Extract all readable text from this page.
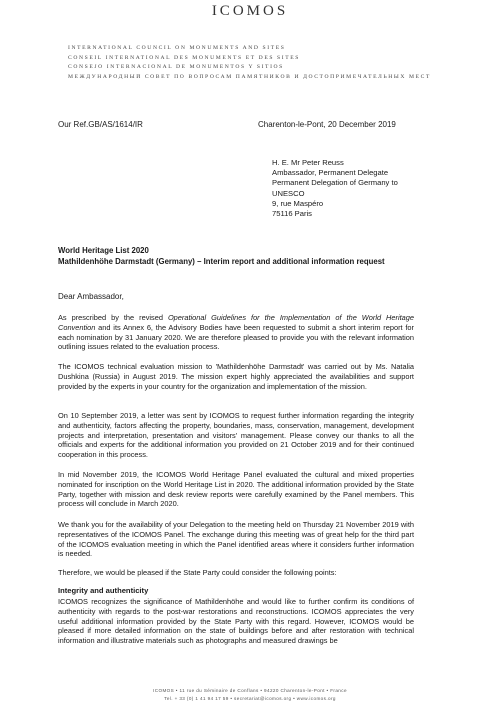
ICOMOS
INTERNATIONAL COUNCIL ON MONUMENTS AND SITES
CONSEIL INTERNATIONAL DES MONUMENTS ET DES SITES
CONSEJO INTERNACIONAL DE MONUMENTOS Y SITIOS
МЕЖДУНАРОДНЫЙ СОВЕТ ПО ВОПРОСАМ ПАМЯТНИКОВ И ДОСТОПРИМЕЧАТЕЛЬНЫХ МЕСТ
Our Ref.GB/AS/1614/IR	Charenton-le-Pont, 20 December 2019
H. E. Mr Peter Reuss
Ambassador, Permanent Delegate
Permanent Delegation of Germany to
UNESCO
9, rue Maspéro
75116 Paris
World Heritage List 2020
Mathildenhöhe Darmstadt (Germany) – Interim report and additional information request
Dear Ambassador,
As prescribed by the revised Operational Guidelines for the Implementation of the World Heritage Convention and its Annex 6, the Advisory Bodies have been requested to submit a short interim report for each nomination by 31 January 2020. We are therefore pleased to provide you with the relevant information outlining issues related to the evaluation process.
The ICOMOS technical evaluation mission to 'Mathildenhöhe Darmstadt' was carried out by Ms. Natalia Dushkina (Russia) in August 2019. The mission expert highly appreciated the availabilities and support provided by the experts in your country for the organization and implementation of the mission.
On 10 September 2019, a letter was sent by ICOMOS to request further information regarding the integrity and authenticity, factors affecting the property, boundaries, mass, conservation, management, development projects and interpretation, presentation and visitors' management. Please convey our thanks to all the officials and experts for the additional information you provided on 21 October 2019 and for their continued cooperation in this process.
In mid November 2019, the ICOMOS World Heritage Panel evaluated the cultural and mixed properties nominated for inscription on the World Heritage List in 2020. The additional information provided by the State Party, together with mission and desk review reports were carefully examined by the Panel members. This process will conclude in March 2020.
We thank you for the availability of your Delegation to the meeting held on Thursday 21 November 2019 with representatives of the ICOMOS Panel. The exchange during this meeting was of great help for the third part of the ICOMOS evaluation meeting in which the Panel identified areas where it considers further information is needed.
Therefore, we would be pleased if the State Party could consider the following points:
Integrity and authenticity
ICOMOS recognizes the significance of Mathildenhöhe and would like to further confirm its conditions of authenticity with regards to the post-war restorations and reconstructions. ICOMOS appreciates the very useful additional information provided by the State Party with this regard. However, ICOMOS would be pleased if more detailed information on the state of buildings before and after restoration with technical information and illustrative materials such as photographs and measured drawings be
ICOMOS • 11 rue du Séminaire de Conflans • 94220 Charenton-le-Pont • France
Tel. + 33 (0) 1 41 94 17 59 • secretariat@icomos.org • www.icomos.org
